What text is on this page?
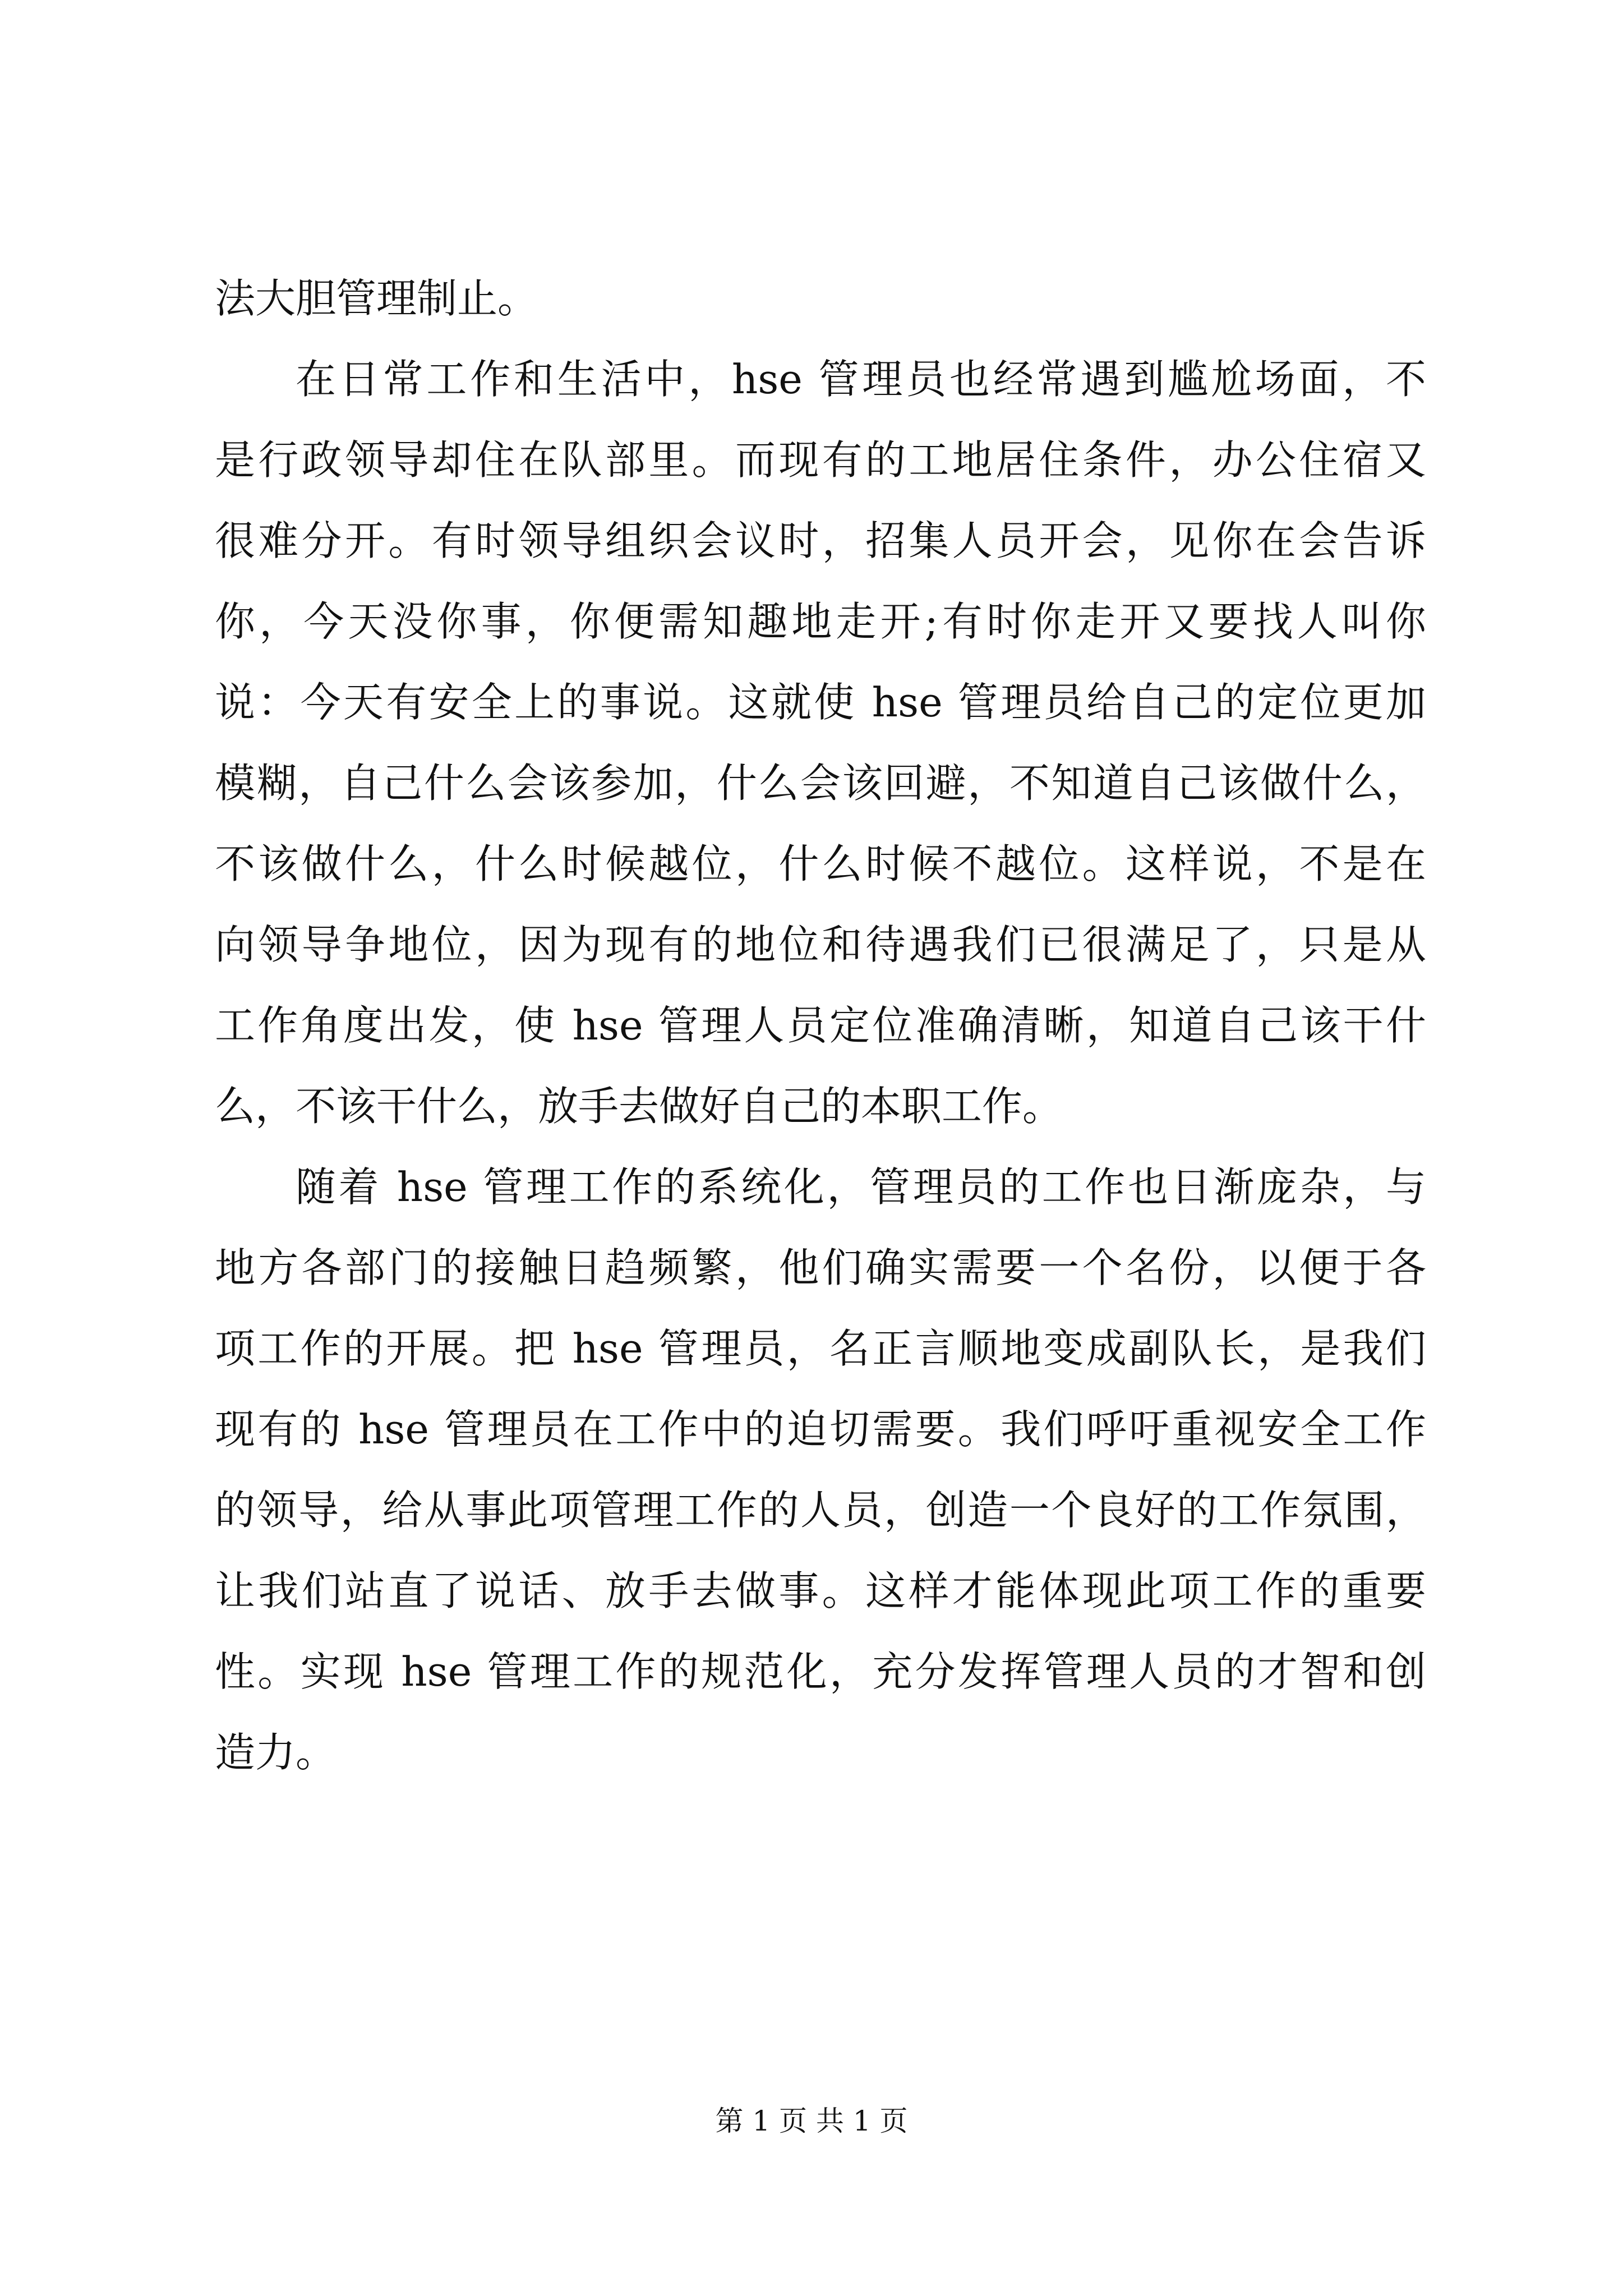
法大胆管理制止。
在日常工作和生活中，hse 管理员也经常遇到尴尬场面，不
是行政领导却住在队部里。而现有的工地居住条件，办公住宿又
很难分开。有时领导组织会议时，招集人员开会，见你在会告诉
你，今天没你事，你便需知趣地走开;有时你走开又要找人叫你
说：今天有安全上的事说。这就使 hse 管理员给自己的定位更加
模糊，自己什么会该参加，什么会该回避，不知道自己该做什么，
不该做什么，什么时候越位，什么时候不越位。这样说，不是在
向领导争地位，因为现有的地位和待遇我们已很满足了，只是从
工作角度出发，使 hse 管理人员定位准确清晰，知道自己该干什
么，不该干什么，放手去做好自己的本职工作。
随着 hse 管理工作的系统化，管理员的工作也日渐庞杂，与
地方各部门的接触日趋频繁，他们确实需要一个名份，以便于各
项工作的开展。把 hse 管理员，名正言顺地变成副队长，是我们
现有的 hse 管理员在工作中的迫切需要。我们呼吁重视安全工作
的领导，给从事此项管理工作的人员，创造一个良好的工作氛围，
让我们站直了说话、放手去做事。这样才能体现此项工作的重要
性。实现 hse 管理工作的规范化，充分发挥管理人员的才智和创
造力。
第 1 页 共 1 页
